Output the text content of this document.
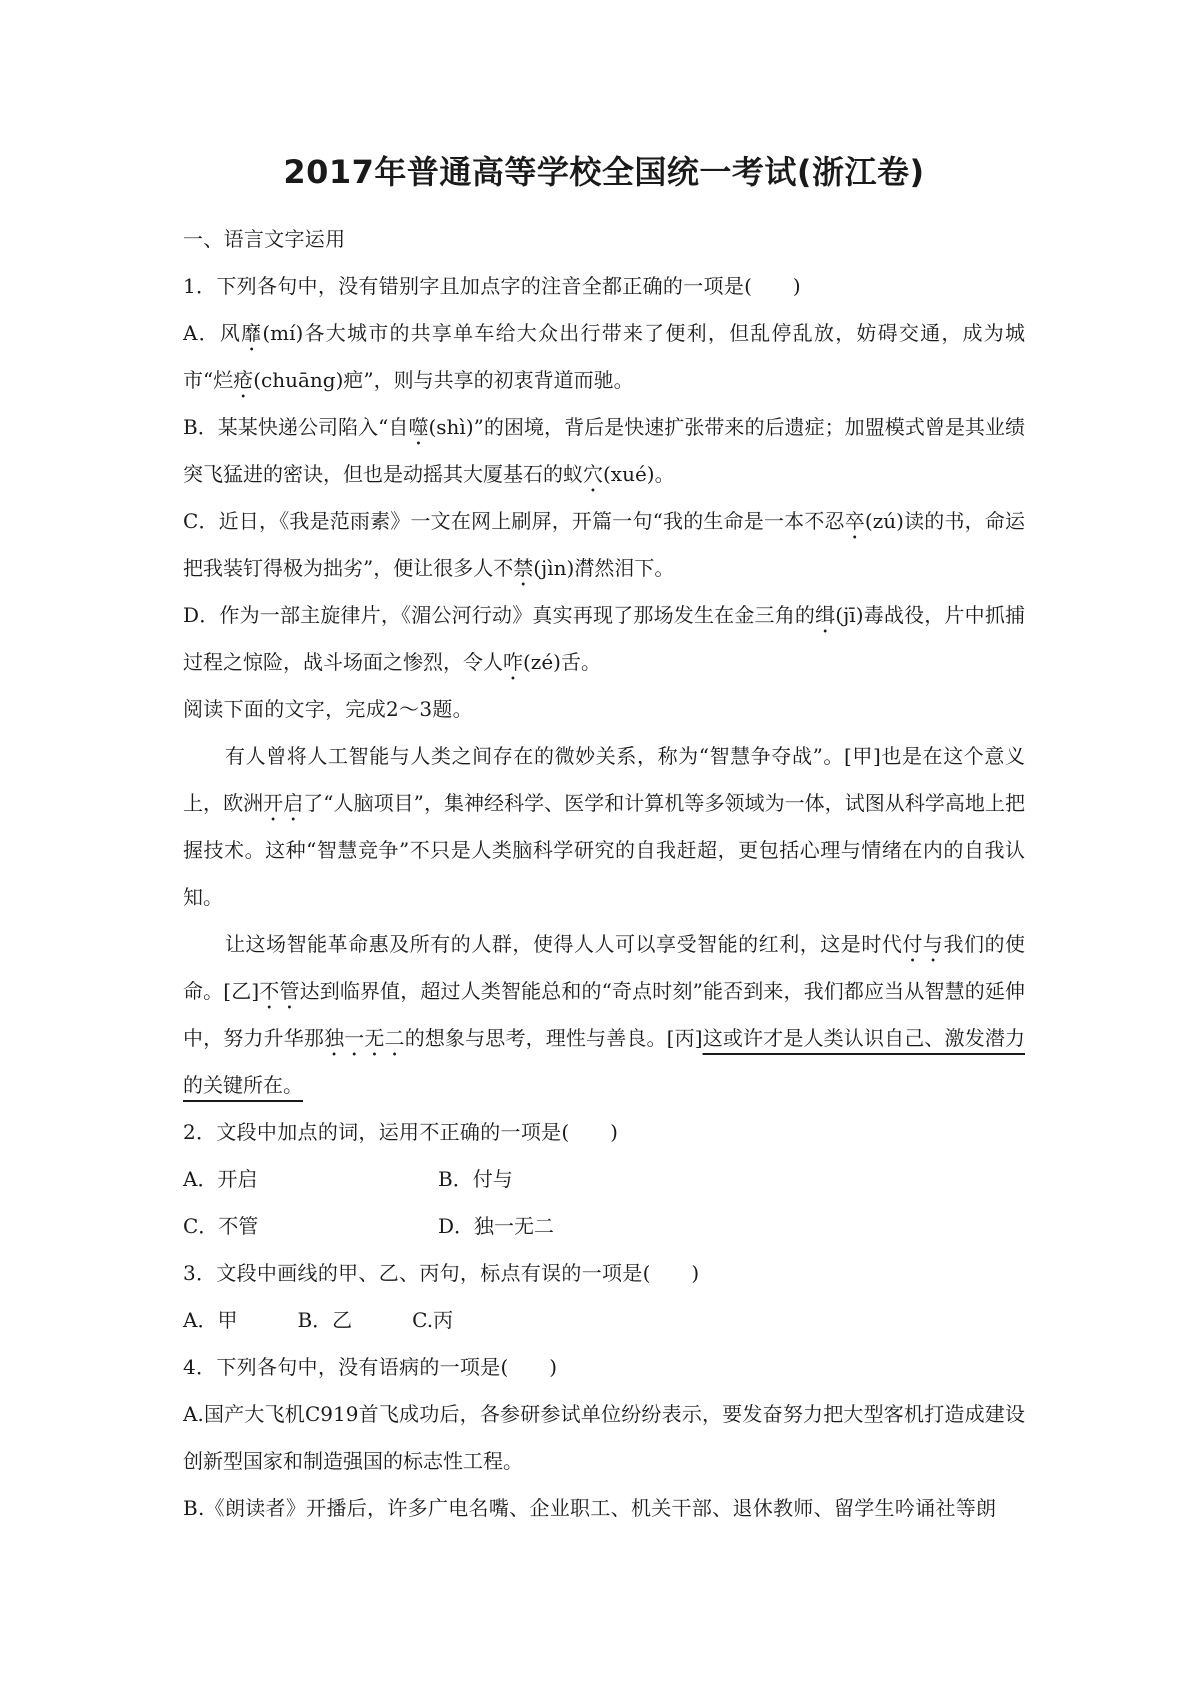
2017年普通高等学校全国统一考试(浙江卷)
一、语言文字运用
1．下列各句中，没有错别字且加点字的注音全都正确的一项是(　　)
A．风靡(mí)各大城市的共享单车给大众出行带来了便利，但乱停乱放，妨碍交通，成为城市“烂疮(chuāng)疤”，则与共享的初衷背道而驰。
B．某某快递公司陷入“自噬(shì)”的困境，背后是快速扩张带来的后遗症；加盟模式曾是其业绩突飞猛进的密诀，但也是动摇其大厦基石的蚁穴(xué)。
C．近日，《我是范雨素》一文在网上刷屏，开篇一句“我的生命是一本不忍卒(zú)读的书，命运把我装钉得极为拙劣”，便让很多人不禁(jìn)潸然泪下。
D．作为一部主旋律片，《湄公河行动》真实再现了那场发生在金三角的缉(jī)毒战役，片中抓捕过程之惊险，战斗场面之惨烈，令人咋(zé)舌。
阅读下面的文字，完成2～3题。
有人曾将人工智能与人类之间存在的微妙关系，称为“智慧争夺战”。[甲]也是在这个意义上，欧洲开启了“人脑项目”，集神经科学、医学和计算机等多领域为一体，试图从科学高地上把握技术。这种“智慧竞争”不只是人类脑科学研究的自我赶超，更包括心理与情绪在内的自我认知。
让这场智能革命惠及所有的人群，使得人人可以享受智能的红利，这是时代付与我们的使命。[乙]不管达到临界值，超过人类智能总和的“奇点时刻”能否到来，我们都应当从智慧的延伸中，努力升华那独一无二的想象与思考，理性与善良。[丙]这或许才是人类认识自己、激发潜力的关键所在。
2．文段中加点的词，运用不正确的一项是(　　)
A．开启	B．付与
C．不管	D．独一无二
3．文段中画线的甲、乙、丙句，标点有误的一项是(　　)
A．甲	B．乙	C.丙
4．下列各句中，没有语病的一项是(　　)
A.国产大飞机C919首飞成功后，各参研参试单位纷纷表示，要发奋努力把大型客机打造成建设创新型国家和制造强国的标志性工程。
B.《朗读者》开播后，许多广电名嘴、企业职工、机关干部、退休教师、留学生吟诵社等朗
